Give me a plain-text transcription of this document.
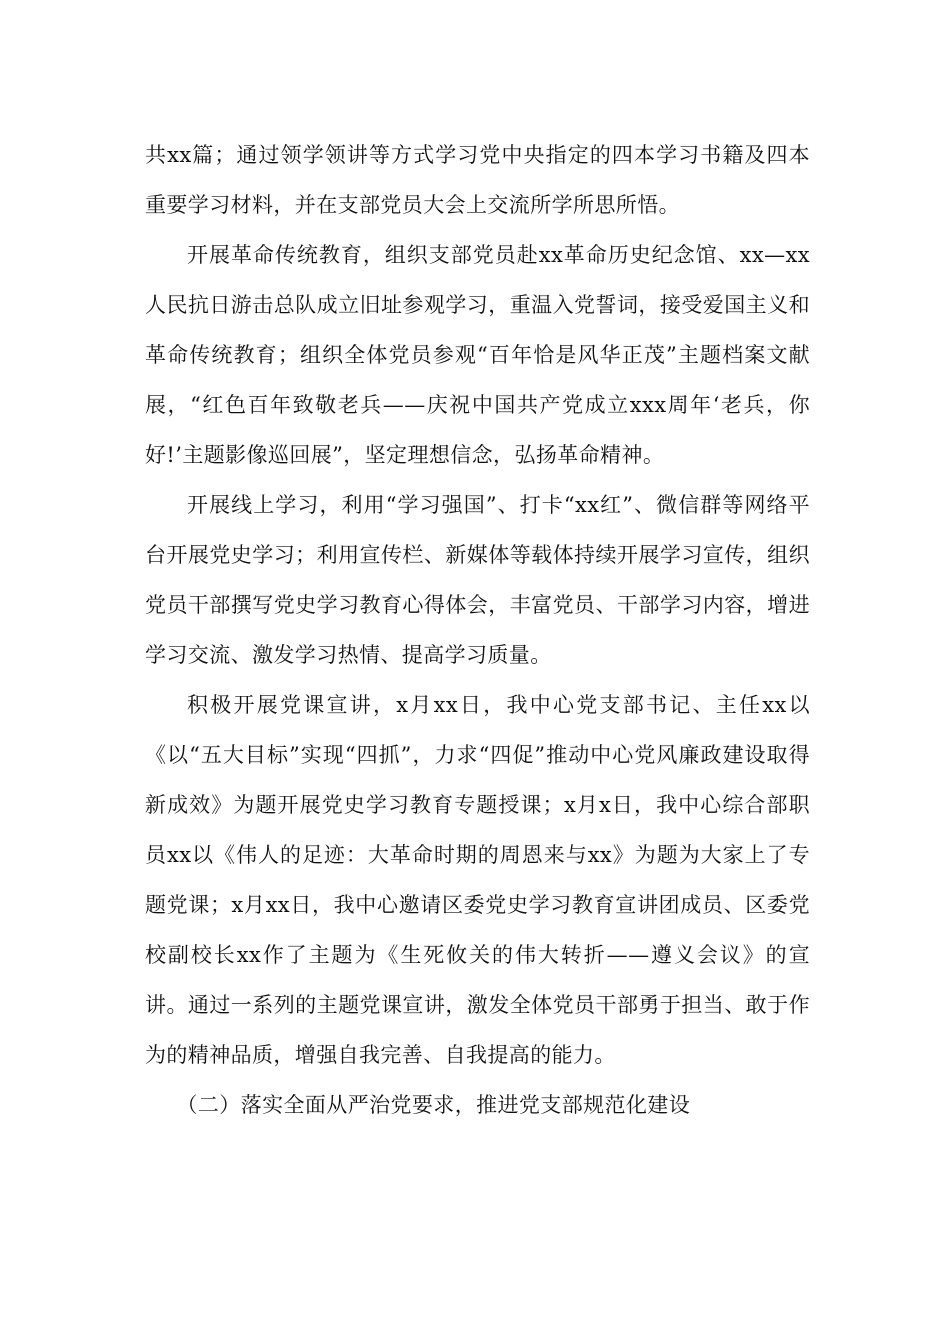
共xx篇；通过领学领讲等方式学习党中央指定的四本学习书籍及四本重要学习材料，并在支部党员大会上交流所学所思所悟。

开展革命传统教育，组织支部党员赴xx革命历史纪念馆、xx—xx人民抗日游击总队成立旧址参观学习，重温入党誓词，接受爱国主义和革命传统教育；组织全体党员参观“百年恰是风华正茂”主题档案文献展，“红色百年致敬老兵——庆祝中国共产党成立xxx周年‘老兵，你好!’主题影像巡回展”，坚定理想信念，弘扬革命精神。

开展线上学习，利用“学习强国”、打卡“xx红”、微信群等网络平台开展党史学习；利用宣传栏、新媒体等载体持续开展学习宣传，组织党员干部撰写党史学习教育心得体会，丰富党员、干部学习内容，增进学习交流、激发学习热情、提高学习质量。

积极开展党课宣讲，x月xx日，我中心党支部书记、主任xx以《以“五大目标”实现“四抓”，力求“四促”推动中心党风廉政建设取得新成效》为题开展党史学习教育专题授课；x月x日，我中心综合部职员xx以《伟人的足迹：大革命时期的周恩来与xx》为题为大家上了专题党课；x月xx日，我中心邀请区委党史学习教育宣讲团成员、区委党校副校长xx作了主题为《生死攸关的伟大转折——遵义会议》的宣讲。通过一系列的主题党课宣讲，激发全体党员干部勇于担当、敢于作为的精神品质，增强自我完善、自我提高的能力。

（二）落实全面从严治党要求，推进党支部规范化建设
